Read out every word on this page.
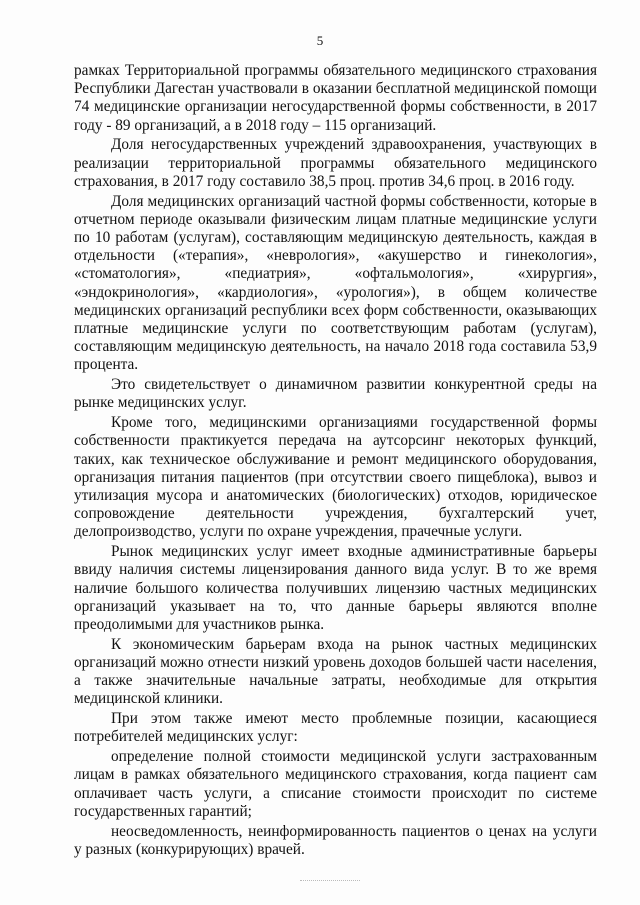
5

рамках Территориальной программы обязательного медицинского страхования Республики Дагестан участвовали в оказании бесплатной медицинской помощи 74 медицинские организации негосударственной формы собственности, в 2017 году - 89 организаций, а в 2018 году – 115 организаций.

Доля негосударственных учреждений здравоохранения, участвующих в реализации территориальной программы обязательного медицинского страхования, в 2017 году составило 38,5 проц. против 34,6 проц. в 2016 году.

Доля медицинских организаций частной формы собственности, которые в отчетном периоде оказывали физическим лицам платные медицинские услуги по 10 работам (услугам), составляющим медицинскую деятельность, каждая в отдельности («терапия», «неврология», «акушерство и гинекология», «стоматология», «педиатрия», «офтальмология», «хирургия», «эндокринология», «кардиология», «урология»), в общем количестве медицинских организаций республики всех форм собственности, оказывающих платные медицинские услуги по соответствующим работам (услугам), составляющим медицинскую деятельность, на начало 2018 года составила 53,9 процента.

Это свидетельствует о динамичном развитии конкурентной среды на рынке медицинских услуг.

Кроме того, медицинскими организациями государственной формы собственности практикуется передача на аутсорсинг некоторых функций, таких, как техническое обслуживание и ремонт медицинского оборудования, организация питания пациентов (при отсутствии своего пищеблока), вывоз и утилизация мусора и анатомических (биологических) отходов, юридическое сопровождение деятельности учреждения, бухгалтерский учет, делопроизводство, услуги по охране учреждения, прачечные услуги.

Рынок медицинских услуг имеет входные административные барьеры ввиду наличия системы лицензирования данного вида услуг. В то же время наличие большого количества получивших лицензию частных медицинских организаций указывает на то, что данные барьеры являются вполне преодолимыми для участников рынка.

К экономическим барьерам входа на рынок частных медицинских организаций можно отнести низкий уровень доходов большей части населения, а также значительные начальные затраты, необходимые для открытия медицинской клиники.

При этом также имеют место проблемные позиции, касающиеся потребителей медицинских услуг:

определение полной стоимости медицинской услуги застрахованным лицам в рамках обязательного медицинского страхования, когда пациент сам оплачивает часть услуги, а списание стоимости происходит по системе государственных гарантий;

неосведомленность, неинформированность пациентов о ценах на услуги у разных (конкурирующих) врачей.
